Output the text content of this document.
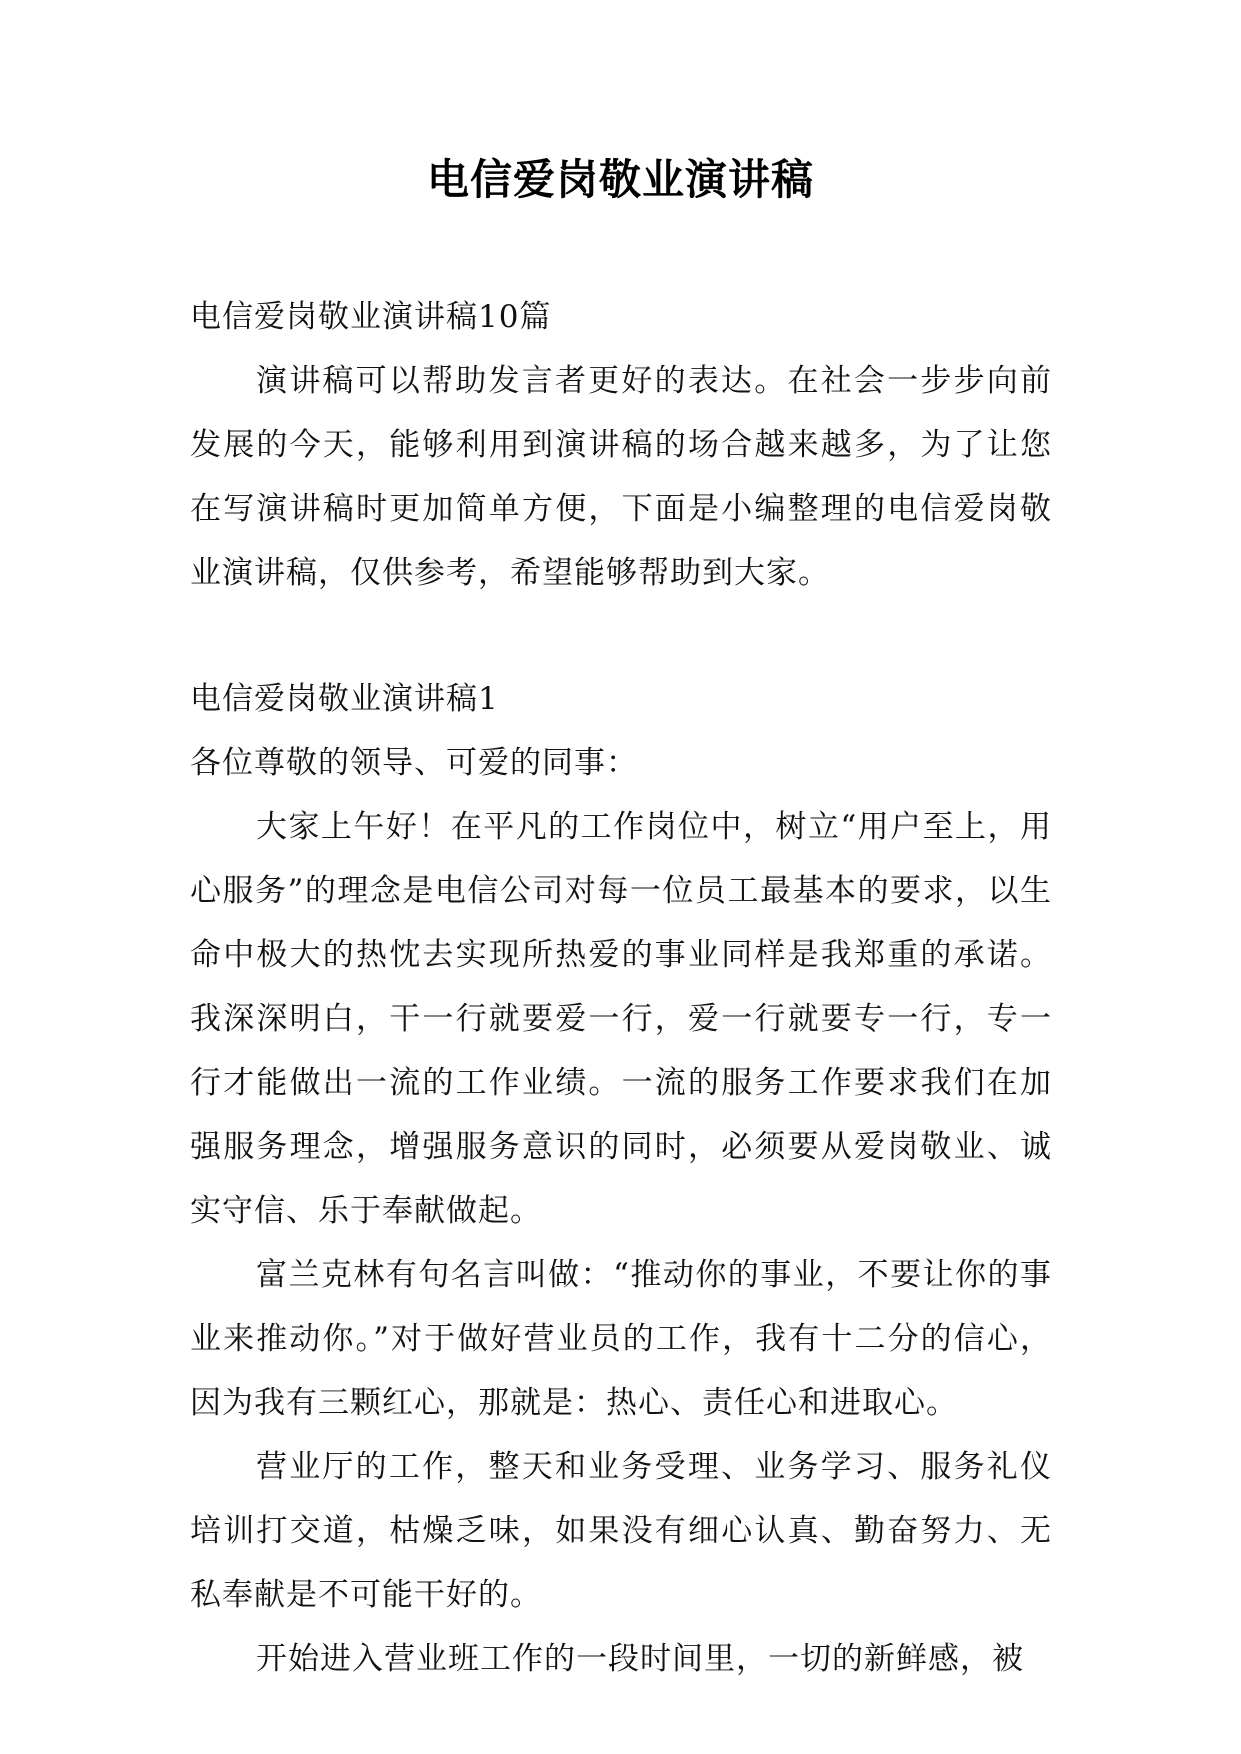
电信爱岗敬业演讲稿

电信爱岗敬业演讲稿10篇

演讲稿可以帮助发言者更好的表达。在社会一步步向前发展的今天，能够利用到演讲稿的场合越来越多，为了让您在写演讲稿时更加简单方便，下面是小编整理的电信爱岗敬业演讲稿，仅供参考，希望能够帮助到大家。

电信爱岗敬业演讲稿1

各位尊敬的领导、可爱的同事：

大家上午好！在平凡的工作岗位中，树立“用户至上，用心服务”的理念是电信公司对每一位员工最基本的要求，以生命中极大的热忱去实现所热爱的事业同样是我郑重的承诺。我深深明白，干一行就要爱一行，爱一行就要专一行，专一行才能做出一流的工作业绩。一流的服务工作要求我们在加强服务理念，增强服务意识的同时，必须要从爱岗敬业、诚实守信、乐于奉献做起。

富兰克林有句名言叫做：“推动你的事业，不要让你的事业来推动你。”对于做好营业员的工作，我有十二分的信心，因为我有三颗红心，那就是：热心、责任心和进取心。

营业厅的工作，整天和业务受理、业务学习、服务礼仪培训打交道，枯燥乏味，如果没有细心认真、勤奋努力、无私奉献是不可能干好的。

开始进入营业班工作的一段时间里，一切的新鲜感，被
